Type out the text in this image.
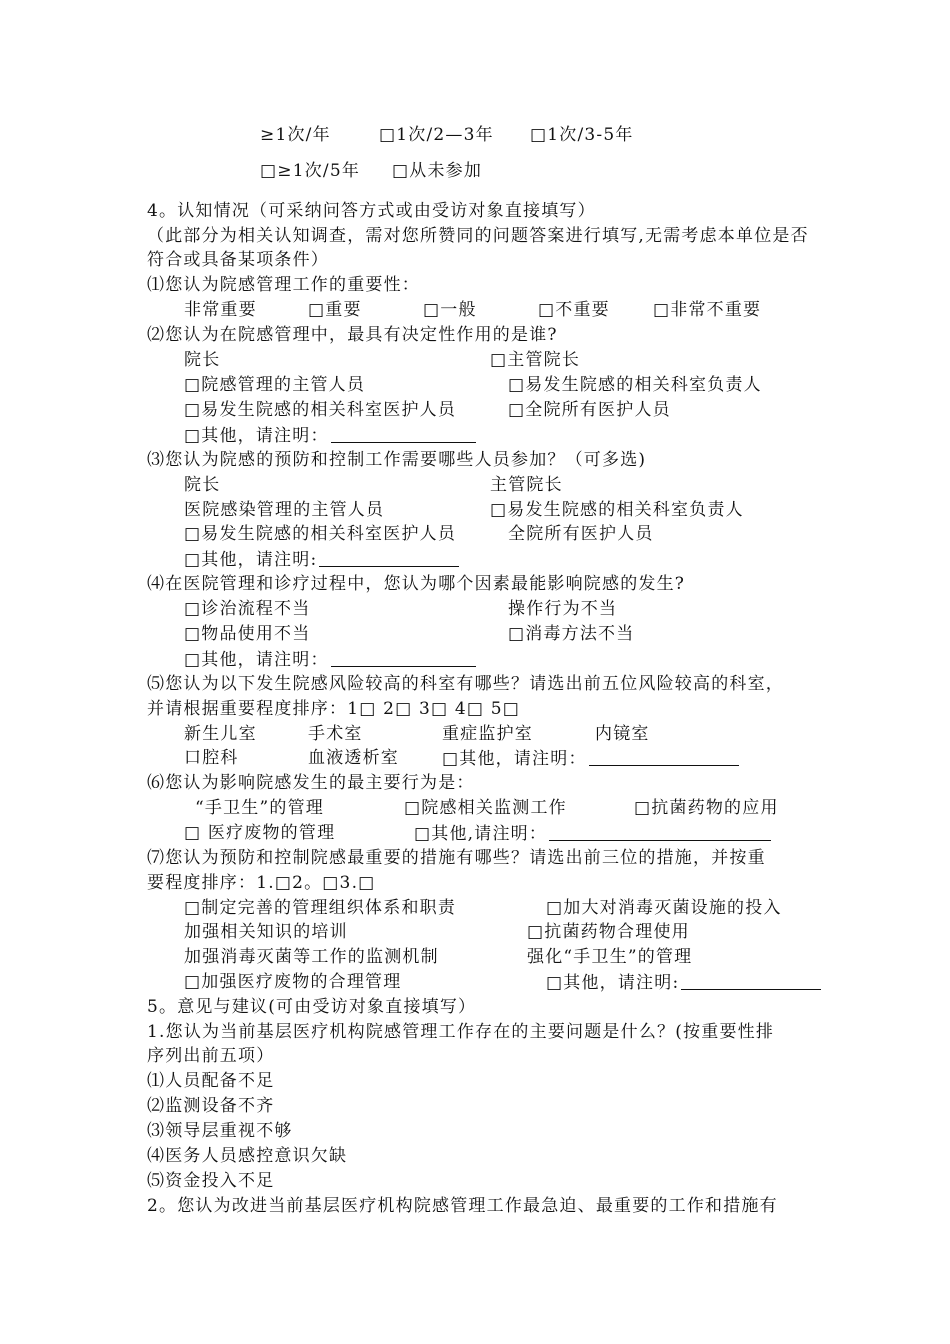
≥1次/年	□1次/2—3年 □1次/3-5年
□≥1次/5年 □从未参加
4。认知情况（可采纳问答方式或由受访对象直接填写）
（此部分为相关认知调查，需对您所赞同的问题答案进行填写,无需考虑本单位是否
符合或具备某项条件）
⑴您认为院感管理工作的重要性：
非常重要	□重要	□一般	□不重要	□非常不重要
⑵您认为在院感管理中，最具有决定性作用的是谁?
院长	□主管院长
□院感管理的主管人员	□易发生院感的相关科室负责人
□易发生院感的相关科室医护人员	□全院所有医护人员
□其他，请注明：
⑶您认为院感的预防和控制工作需要哪些人员参加？（可多选)
院长	主管院长
医院感染管理的主管人员	□易发生院感的相关科室负责人
□易发生院感的相关科室医护人员	全院所有医护人员
□其他，请注明:
⑷在医院管理和诊疗过程中，您认为哪个因素最能影响院感的发生?
□诊治流程不当	操作行为不当
□物品使用不当	□消毒方法不当
□其他，请注明：
⑸您认为以下发生院感风险较高的科室有哪些？请选出前五位风险较高的科室，
并请根据重要程度排序：1□ 2□ 3□ 4□ 5□
新生儿室	手术室	重症监护室	内镜室
口腔科	血液透析室	□其他，请注明：
⑹您认为影响院感发生的最主要行为是：
“手卫生”的管理	□院感相关监测工作	□抗菌药物的应用
□ 医疗废物的管理	□其他,请注明：
⑺您认为预防和控制院感最重要的措施有哪些？请选出前三位的措施，并按重
要程度排序：1.□2。□3.□
□制定完善的管理组织体系和职责	□加大对消毒灭菌设施的投入
加强相关知识的培训	□抗菌药物合理使用
加强消毒灭菌等工作的监测机制	强化“手卫生”的管理
□加强医疗废物的合理管理	□其他，请注明:
5。意见与建议(可由受访对象直接填写）
1.您认为当前基层医疗机构院感管理工作存在的主要问题是什么？(按重要性排
序列出前五项）
⑴人员配备不足
⑵监测设备不齐
⑶领导层重视不够
⑷医务人员感控意识欠缺
⑸资金投入不足
2。您认为改进当前基层医疗机构院感管理工作最急迫、最重要的工作和措施有
